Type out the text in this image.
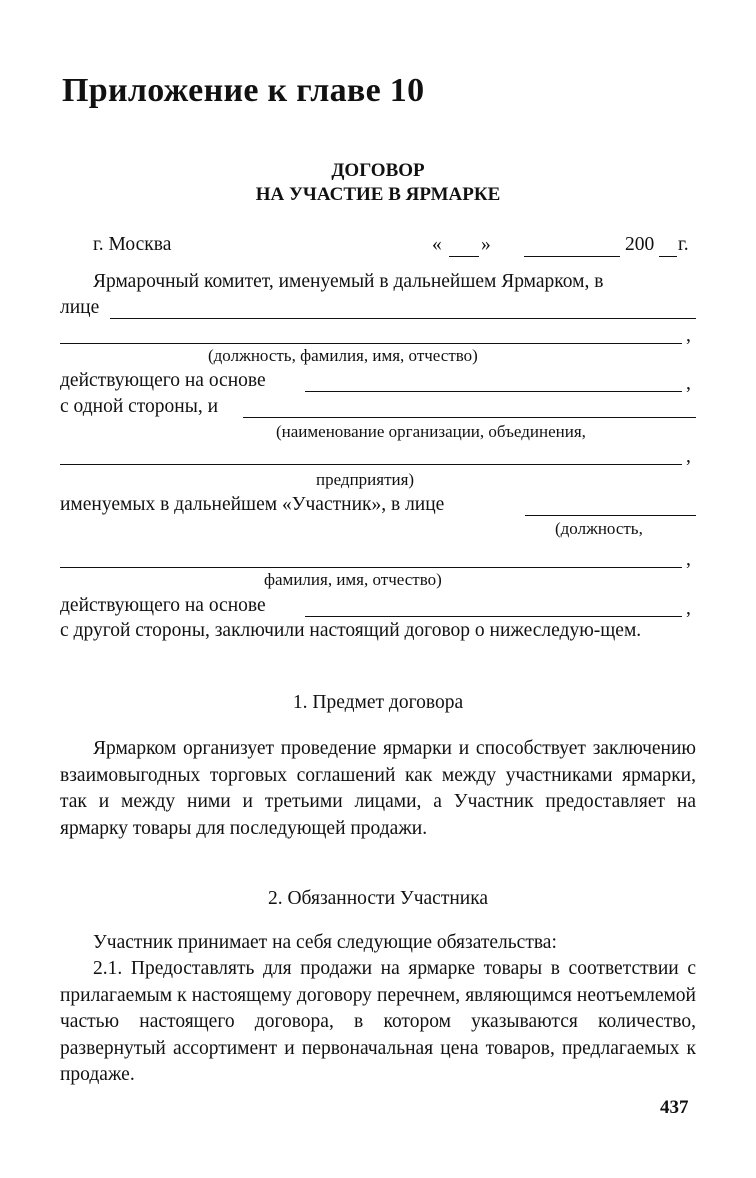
Приложение к главе 10
ДОГОВОР
НА УЧАСТИЕ В ЯРМАРКЕ
г. Москва	« »	200 г.
Ярмарочный комитет, именуемый в дальнейшем Ярмарком, в
лице
,
(должность, фамилия, имя, отчество)
действующего на основе	,
с одной стороны, и
(наименование организации, объединения,
,
предприятия)
именуемых в дальнейшем «Участник», в лице
(должность,
,
фамилия, имя, отчество)
действующего на основе	,
с другой стороны, заключили настоящий договор о нижеследую-щем.
1. Предмет договора
Ярмарком организует проведение ярмарки и способствует заключению взаимовыгодных торговых соглашений как между участниками ярмарки, так и между ними и третьими лицами, а Участник предоставляет на ярмарку товары для последующей продажи.
2. Обязанности Участника
Участник принимает на себя следующие обязательства:
2.1. Предоставлять для продажи на ярмарке товары в соответствии с прилагаемым к настоящему договору перечнем, являющимся неотъемлемой частью настоящего договора, в котором указываются количество, развернутый ассортимент и первоначальная цена товаров, предлагаемых к продаже.
437
